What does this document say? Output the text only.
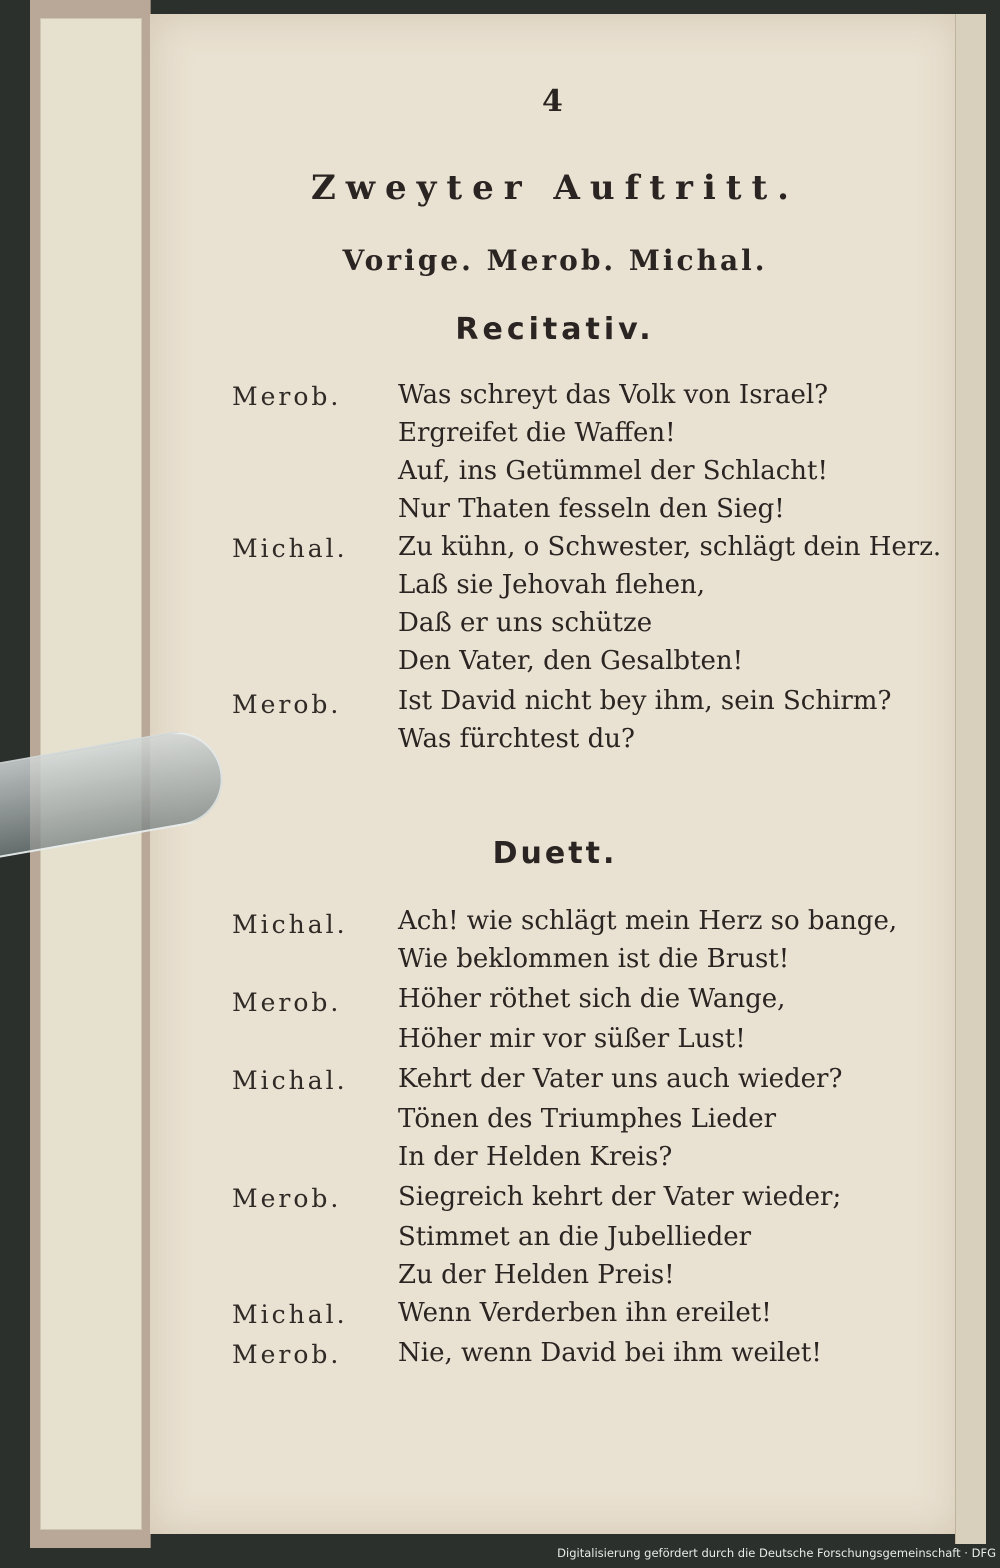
4
Zweyter Auftritt.
Vorige. Merob. Michal.
Recitativ.
Merob.	Was schreyt das Volk von Israel?
Ergreifet die Waffen!
Auf, ins Getümmel der Schlacht!
Nur Thaten fesseln den Sieg!
Michal.	Zu kühn, o Schwester, schlägt dein Herz.
Laß sie Jehovah flehen,
Daß er uns schütze
Den Vater, den Gesalbten!
Merob.	Ist David nicht bey ihm, sein Schirm?
Was fürchtest du?
Duett.
Michal.	Ach! wie schlägt mein Herz so bange,
Wie beklommen ist die Brust!
Merob.	Höher röthet sich die Wange,
Höher mir vor süßer Lust!
Michal.	Kehrt der Vater uns auch wieder?
Tönen des Triumphes Lieder
In der Helden Kreis?
Merob.	Siegreich kehrt der Vater wieder;
Stimmet an die Jubellieder
Zu der Helden Preis!
Michal.	Wenn Verderben ihn ereilet!
Merob.	Nie, wenn David bei ihm weilet!
Digitalisierung gefördert durch die Deutsche Forschungsgemeinschaft · DFG
